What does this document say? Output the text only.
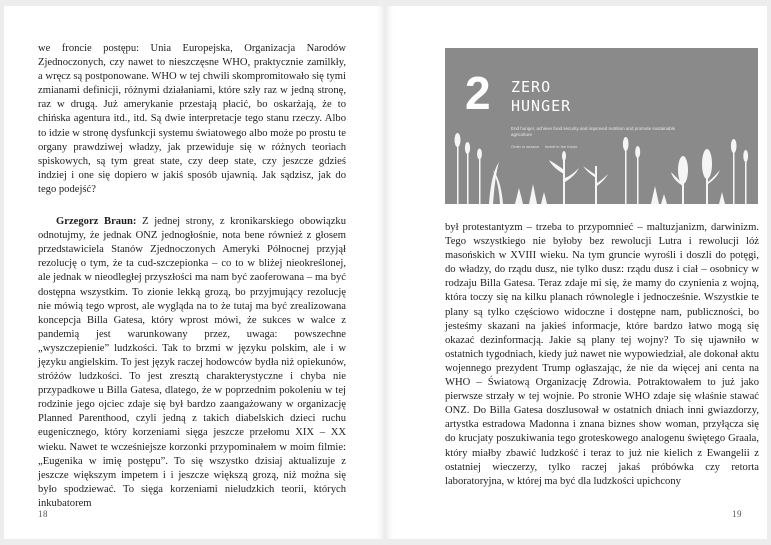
we froncie postępu: Unia Europejska, Organizacja Narodów Zjednoczonych, czy nawet to nieszczęsne WHO, praktycznie zamilkły, a wręcz są postponowane. WHO w tej chwili skompromitowało się tymi zmianami definicji, różnymi działaniami, które szły raz w jedną stronę, raz w drugą. Już amerykanie przestają płacić, bo oskarżają, że to chińska agentura itd., itd. Są dwie interpretacje tego stanu rzeczy. Albo to idzie w stronę dysfunkcji systemu światowego albo może po prostu te organy prawdziwej władzy, jak przewiduje się w różnych teoriach spiskowych, są tym great state, czy deep state, czy jeszcze gdzieś indziej i one się dopiero w jakiś sposób ujawnią. Jak sądzisz, jak do tego podejść?

Grzegorz Braun: Z jednej strony, z kronikarskiego obowiązku odnotujmy, że jednak ONZ jednogłośnie, nota bene również z głosem przedstawiciela Stanów Zjednoczonych Ameryki Północnej przyjął rezolucję o tym, że ta cud-szczepionka – co to w bliżej nieokreślonej, ale jednak w nieodległej przyszłości ma nam być zaoferowana – ma być dostępna wszystkim. To zionie lekką grozą, bo przyjmujący rezolucję nie mówią tego wprost, ale wygląda na to że tutaj ma być zrealizowana koncepcja Billa Gatesa, który wprost mówi, że sukces w walce z pandemią jest warunkowany przez, uwaga: powszechne „wyszczepienie” ludzkości. Tak to brzmi w języku polskim, ale i w języku angielskim. To jest język raczej hodowców bydła niż opiekunów, stróżów ludzkości. To jest zresztą charakterystyczne i chyba nie przypadkowe u Billa Gatesa, dlatego, że w poprzednim pokoleniu w tej rodzinie jego ojciec zdaje się był bardzo zaangażowany w organizację Planned Parenthood, czyli jedną z takich diabelskich dzieci ruchu eugenicznego, który korzeniami sięga jeszcze przełomu XIX – XX wieku. Nawet te wcześniejsze korzonki przypominałem w moim filmie: „Eugenika w imię postępu”. To się wszystko dzisiaj aktualizuje z jeszcze większym impetem i i jeszcze większą grozą, niż można się było spodziewać. To sięga korzeniami nieludzkich teorii, których inkubatorem

18
2 ZERO
HUNGER
End hunger, achieve food security and improved nutrition and promote sustainable agriculture
Grain in season Invest in the future

był protestantyzm – trzeba to przypomnieć – maltuzjanizm, darwinizm. Tego wszystkiego nie byłoby bez rewolucji Lutra i rewolucji lóż masońskich w XVIII wieku. Na tym gruncie wyrośli i doszli do potęgi, do władzy, do rządu dusz, nie tylko dusz: rządu dusz i ciał – osobnicy w rodzaju Billa Gatesa. Teraz zdaje mi się, że mamy do czynienia z wojną, która toczy się na kilku planach równolegle i jednocześnie. Wszystkie te plany są tylko częściowo widoczne i dostępne nam, publiczności, bo jesteśmy skazani na jakieś informacje, które bardzo łatwo mogą się okazać dezinformacją. Jakie są plany tej wojny? To się ujawniło w ostatnich tygodniach, kiedy już nawet nie wypowiedział, ale dokonał aktu wojennego prezydent Trump ogłaszając, że nie da więcej ani centa na WHO – Światową Organizację Zdrowia. Potraktowałem to już jako pierwsze strzały w tej wojnie. Po stronie WHO zdaje się właśnie stawać ONZ. Do Billa Gatesa doszlusował w ostatnich dniach inni gwiazdorzy, artystka estradowa Madonna i znana biznes show woman, przyłącza się do krucjaty poszukiwania tego groteskowego analogenu świętego Graala, który miałby zbawić ludzkość i teraz to już nie kielich z Ewangelii z ostatniej wieczerzy, tylko raczej jakaś próbówka czy retorta laboratoryjna, w której ma być dla ludzkości upichcony

19
